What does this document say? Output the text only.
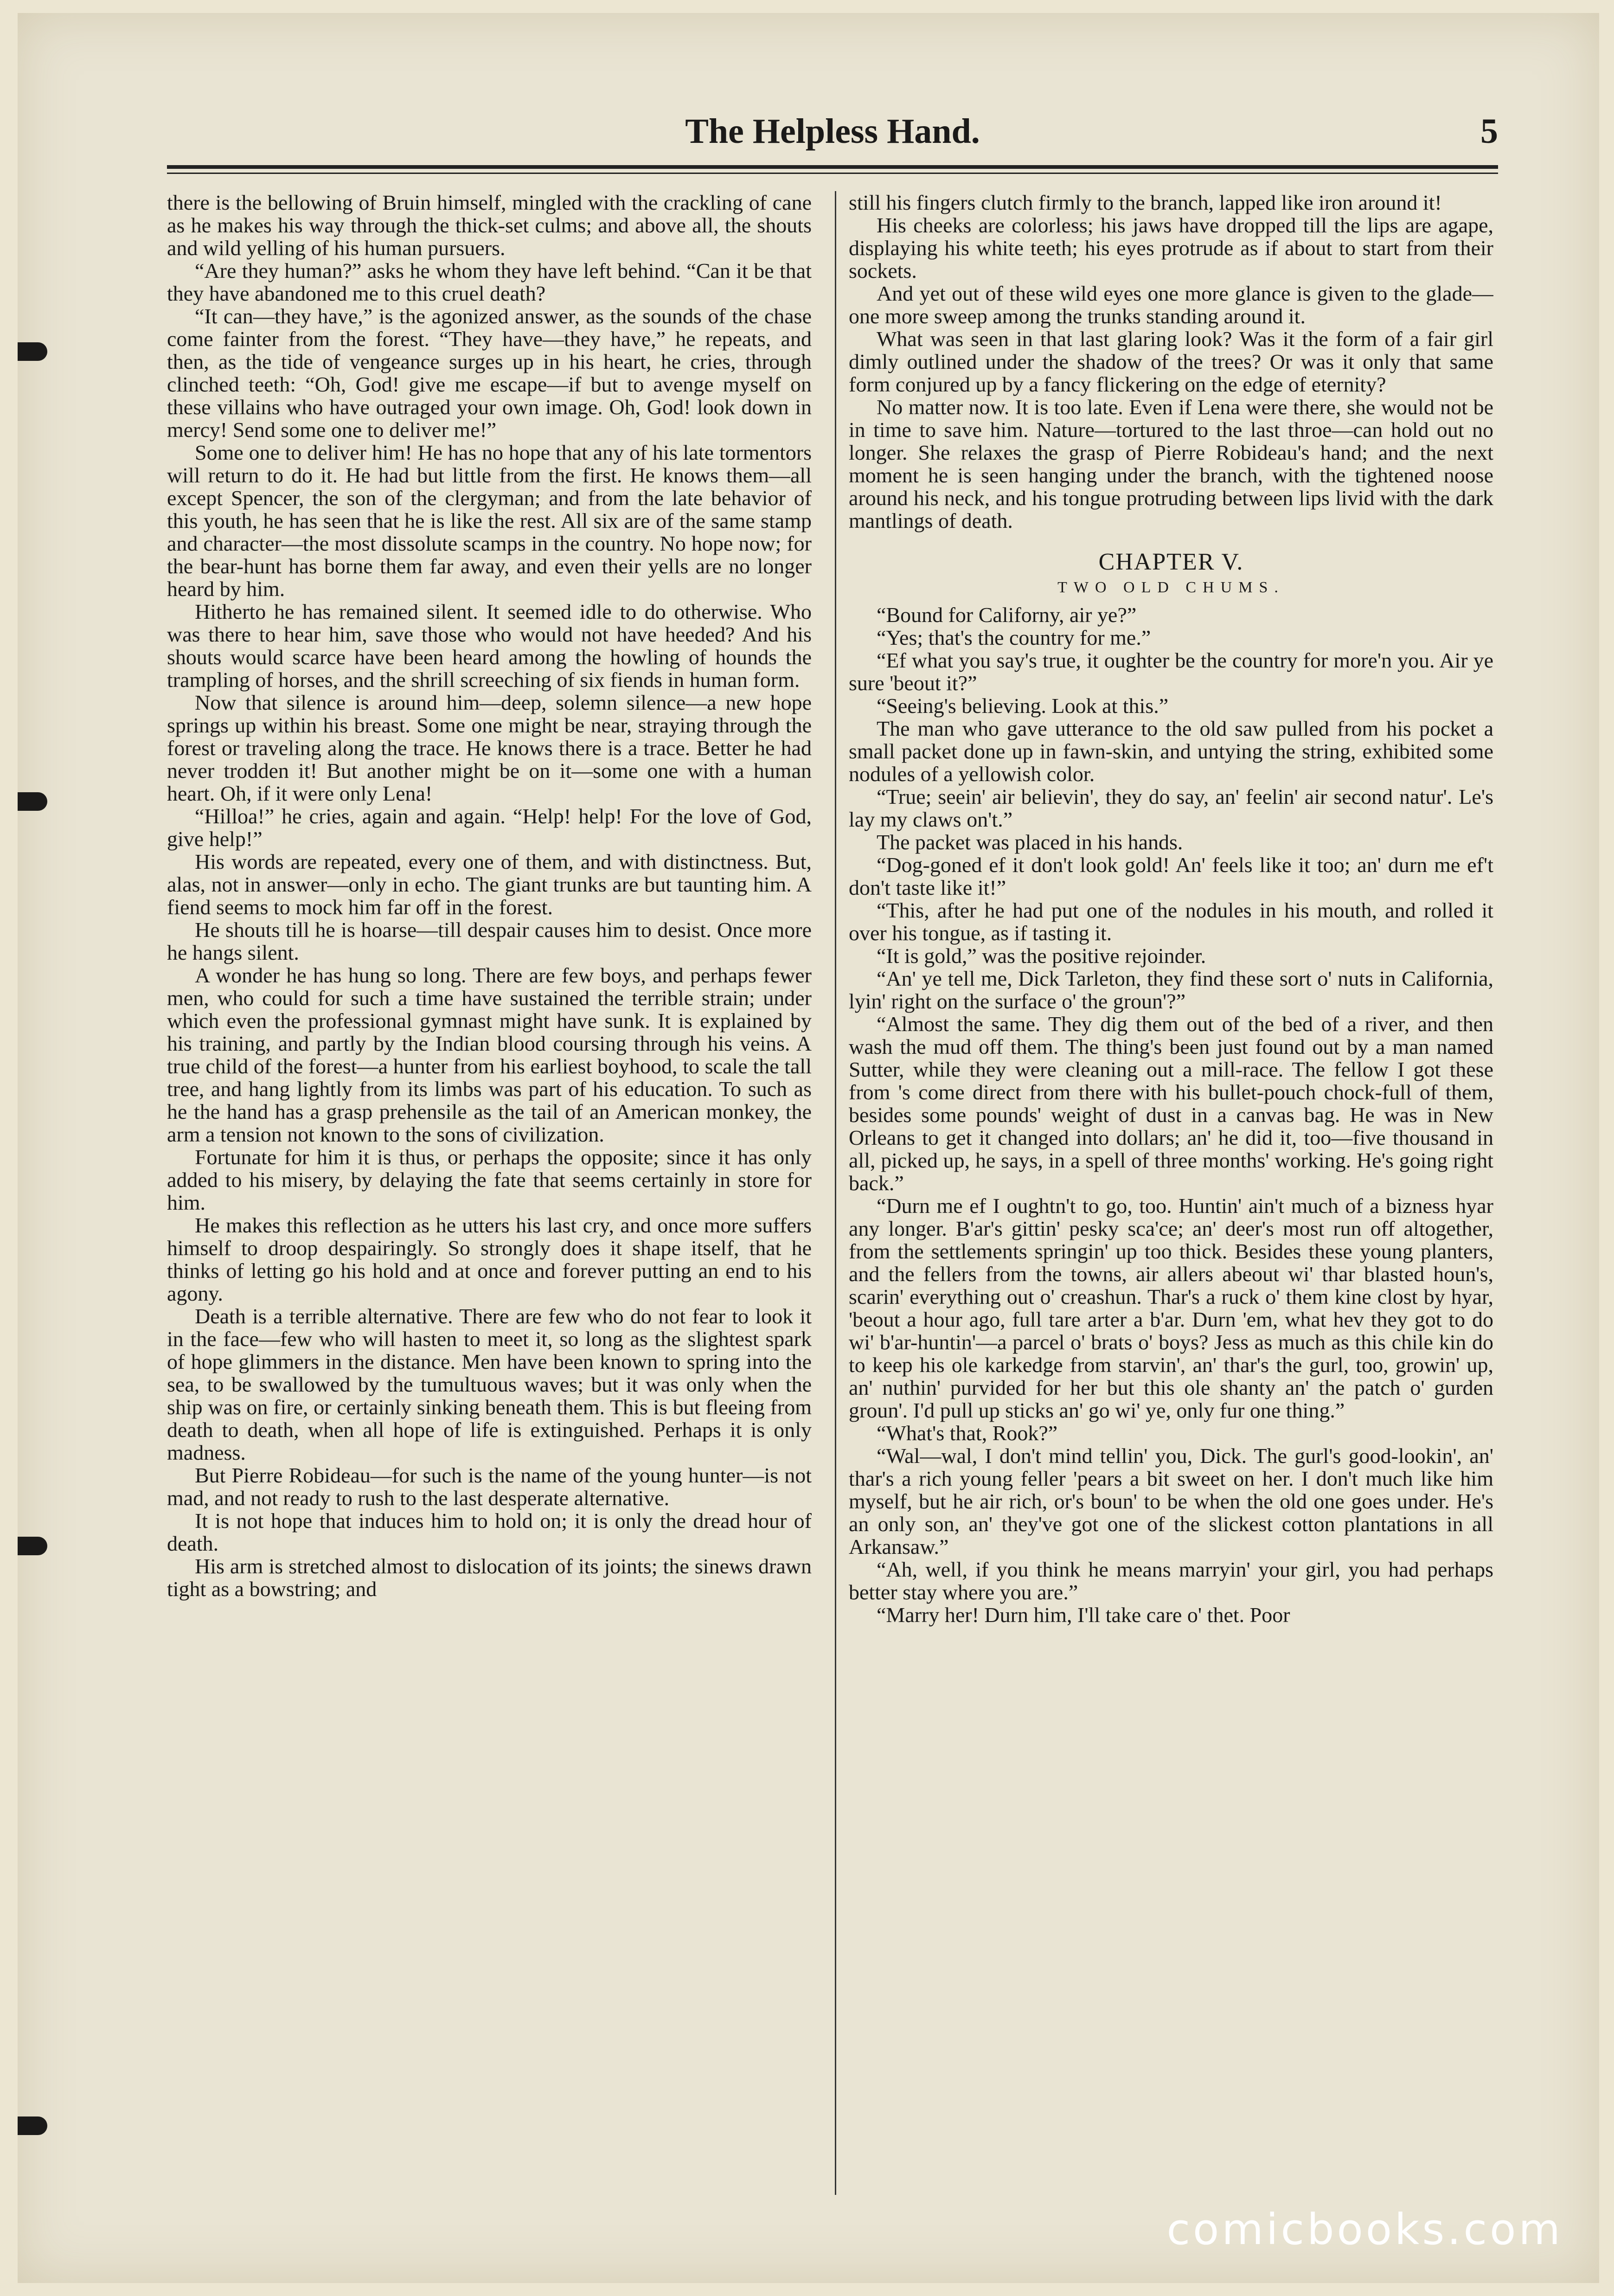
The Helpless Hand.	5

there is the bellowing of Bruin himself, mingled with the crackling of cane as he makes his way through the thick-set culms; and above all, the shouts and wild yelling of his human pursuers.

“Are they human?” asks he whom they have left behind. “Can it be that they have abandoned me to this cruel death?

“It can—they have,” is the agonized answer, as the sounds of the chase come fainter from the forest. “They have—they have,” he repeats, and then, as the tide of vengeance surges up in his heart, he cries, through clinched teeth: “Oh, God! give me escape—if but to avenge myself on these villains who have outraged your own image. Oh, God! look down in mercy! Send some one to deliver me!”

Some one to deliver him! He has no hope that any of his late tormentors will return to do it. He had but little from the first. He knows them—all except Spencer, the son of the clergyman; and from the late behavior of this youth, he has seen that he is like the rest. All six are of the same stamp and character—the most dissolute scamps in the country. No hope now; for the bear-hunt has borne them far away, and even their yells are no longer heard by him.

Hitherto he has remained silent. It seemed idle to do otherwise. Who was there to hear him, save those who would not have heeded? And his shouts would scarce have been heard among the howling of hounds the trampling of horses, and the shrill screeching of six fiends in human form.

Now that silence is around him—deep, solemn silence—a new hope springs up within his breast. Some one might be near, straying through the forest or traveling along the trace. He knows there is a trace. Better he had never trodden it! But another might be on it—some one with a human heart. Oh, if it were only Lena!

“Hilloa!” he cries, again and again. “Help! help! For the love of God, give help!”

His words are repeated, every one of them, and with distinctness. But, alas, not in answer—only in echo. The giant trunks are but taunting him. A fiend seems to mock him far off in the forest.

He shouts till he is hoarse—till despair causes him to desist. Once more he hangs silent.

A wonder he has hung so long. There are few boys, and perhaps fewer men, who could for such a time have sustained the terrible strain; under which even the professional gymnast might have sunk. It is explained by his training, and partly by the Indian blood coursing through his veins. A true child of the forest—a hunter from his earliest boyhood, to scale the tall tree, and hang lightly from its limbs was part of his education. To such as he the hand has a grasp prehensile as the tail of an American monkey, the arm a tension not known to the sons of civilization.

Fortunate for him it is thus, or perhaps the opposite; since it has only added to his misery, by delaying the fate that seems certainly in store for him.

He makes this reflection as he utters his last cry, and once more suffers himself to droop despairingly. So strongly does it shape itself, that he thinks of letting go his hold and at once and forever putting an end to his agony.

Death is a terrible alternative. There are few who do not fear to look it in the face—few who will hasten to meet it, so long as the slightest spark of hope glimmers in the distance. Men have been known to spring into the sea, to be swallowed by the tumultuous waves; but it was only when the ship was on fire, or certainly sinking beneath them. This is but fleeing from death to death, when all hope of life is extinguished. Perhaps it is only madness.

But Pierre Robideau—for such is the name of the young hunter—is not mad, and not ready to rush to the last desperate alternative.

It is not hope that induces him to hold on; it is only the dread hour of death.

His arm is stretched almost to dislocation of its joints; the sinews drawn tight as a bowstring; and

still his fingers clutch firmly to the branch, lapped like iron around it!

His cheeks are colorless; his jaws have dropped till the lips are agape, displaying his white teeth; his eyes protrude as if about to start from their sockets.

And yet out of these wild eyes one more glance is given to the glade—one more sweep among the trunks standing around it.

What was seen in that last glaring look? Was it the form of a fair girl dimly outlined under the shadow of the trees? Or was it only that same form conjured up by a fancy flickering on the edge of eternity?

No matter now. It is too late. Even if Lena were there, she would not be in time to save him. Nature—tortured to the last throe—can hold out no longer. She relaxes the grasp of Pierre Robideau's hand; and the next moment he is seen hanging under the branch, with the tightened noose around his neck, and his tongue protruding between lips livid with the dark mantlings of death.

CHAPTER V.
TWO OLD CHUMS.

“Bound for Californy, air ye?”

“Yes; that's the country for me.”

“Ef what you say's true, it oughter be the country for more'n you. Air ye sure 'beout it?”

“Seeing's believing. Look at this.”

The man who gave utterance to the old saw pulled from his pocket a small packet done up in fawn-skin, and untying the string, exhibited some nodules of a yellowish color.

“True; seein' air believin', they do say, an' feelin' air second natur'. Le's lay my claws on't.”

The packet was placed in his hands.

“Dog-goned ef it don't look gold! An' feels like it too; an' durn me ef't don't taste like it!”

“This, after he had put one of the nodules in his mouth, and rolled it over his tongue, as if tasting it.

“It is gold,” was the positive rejoinder.

“An' ye tell me, Dick Tarleton, they find these sort o' nuts in California, lyin' right on the surface o' the groun'?”

“Almost the same. They dig them out of the bed of a river, and then wash the mud off them. The thing's been just found out by a man named Sutter, while they were cleaning out a mill-race. The fellow I got these from 's come direct from there with his bullet-pouch chock-full of them, besides some pounds' weight of dust in a canvas bag. He was in New Orleans to get it changed into dollars; an' he did it, too—five thousand in all, picked up, he says, in a spell of three months' working. He's going right back.”

“Durn me ef I oughtn't to go, too. Huntin' ain't much of a bizness hyar any longer. B'ar's gittin' pesky sca'ce; an' deer's most run off altogether, from the settlements springin' up too thick. Besides these young planters, and the fellers from the towns, air allers abeout wi' thar blasted houn's, scarin' everything out o' creashun. Thar's a ruck o' them kine clost by hyar, 'beout a hour ago, full tare arter a b'ar. Durn 'em, what hev they got to do wi' b'ar-huntin'—a parcel o' brats o' boys? Jess as much as this chile kin do to keep his ole karkedge from starvin', an' thar's the gurl, too, growin' up, an' nuthin' purvided for her but this ole shanty an' the patch o' gurden groun'. I'd pull up sticks an' go wi' ye, only fur one thing.”

“What's that, Rook?”

“Wal—wal, I don't mind tellin' you, Dick. The gurl's good-lookin', an' thar's a rich young feller 'pears a bit sweet on her. I don't much like him myself, but he air rich, or's boun' to be when the old one goes under. He's an only son, an' they've got one of the slickest cotton plantations in all Arkansaw.”

“Ah, well, if you think he means marryin' your girl, you had perhaps better stay where you are.”

“Marry her! Durn him, I'll take care o' thet. Poor

comicbooks.com
